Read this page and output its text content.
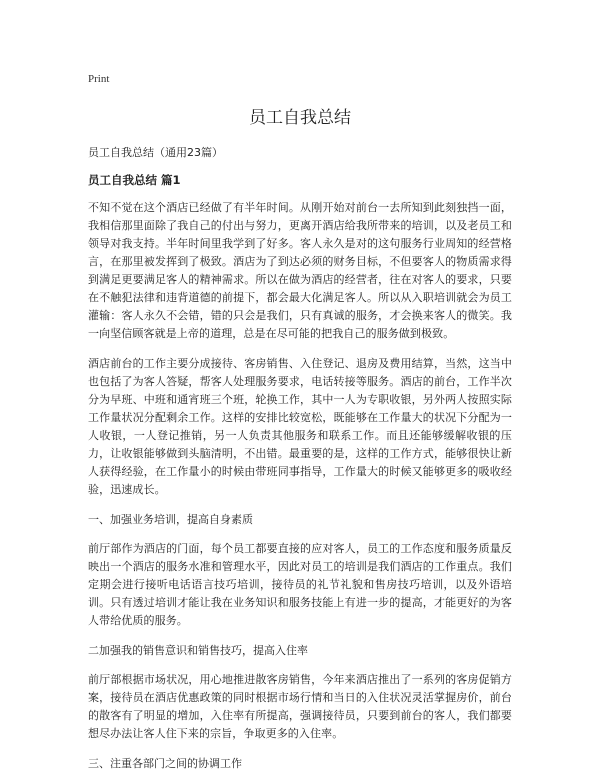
Print
员工自我总结
员工自我总结（通用23篇）
员工自我总结 篇1

不知不觉在这个酒店已经做了有半年时间。从刚开始对前台一去所知到此刻独挡一面，我相信那里面除了我自己的付出与努力，更离开酒店给我所带来的培训，以及老员工和领导对我支持。半年时间里我学到了好多。客人永久是对的这句服务行业周知的经营格言，在那里被发挥到了极致。酒店为了到达必须的财务目标，不但要客人的物质需求得到满足更要满足客人的精神需求。所以在做为酒店的经营者，往在对客人的要求，只要在不触犯法律和违背道德的前提下，都会最大化满足客人。所以从入职培训就会为员工灌输：客人永久不会错，错的只会是我们，只有真诚的服务，才会换来客人的微笑。我一向坚信顾客就是上帝的道理，总是在尽可能的把我自己的服务做到极致。

酒店前台的工作主要分成接待、客房销售、入住登记、退房及费用结算，当然，这当中也包括了为客人答疑，帮客人处理服务要求，电话转接等服务。酒店的前台，工作半次分为早班、中班和通宵班三个班，轮换工作，其中一人为专职收银，另外两人按照实际工作量状况分配剩余工作。这样的安排比较宽松，既能够在工作量大的状况下分配为一人收银，一人登记推销，另一人负责其他服务和联系工作。而且还能够缓解收银的压力，让收银能够做到头脑清明，不出错。最重要的是，这样的工作方式，能够很快让新人获得经验，在工作量小的时候由带班同事指导，工作量大的时候又能够更多的吸收经验，迅速成长。

一、加强业务培训，提高自身素质

前厅部作为酒店的门面，每个员工都要直接的应对客人，员工的工作态度和服务质量反映出一个酒店的服务水准和管理水平，因此对员工的培训是我们酒店的工作重点。我们定期会进行接听电话语言技巧培训，接待员的礼节礼貌和售房技巧培训，以及外语培训。只有透过培训才能让我在业务知识和服务技能上有进一步的提高，才能更好的为客人带给优质的服务。

二加强我的销售意识和销售技巧，提高入住率

前厅部根据市场状况，用心地推进散客房销售，今年来酒店推出了一系列的客房促销方案，接待员在酒店优惠政策的同时根据市场行情和当日的入住状况灵活掌握房价，前台的散客有了明显的增加，入住率有所提高，强调接待员，只要到前台的客人，我们都要想尽办法让客人住下来的宗旨，争取更多的入住率。

三、注重各部门之间的协调工作
